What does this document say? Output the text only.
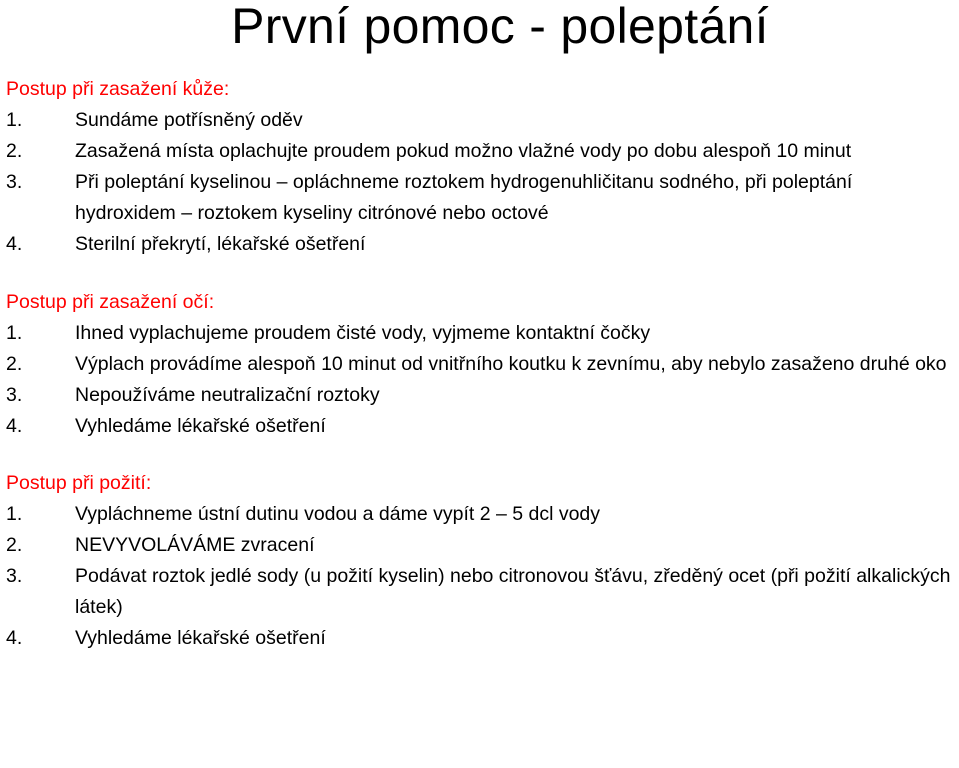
První pomoc - poleptání
Postup při zasažení kůže:
1.	Sundáme potřísněný oděv
2.	Zasažená místa oplachujte proudem pokud možno vlažné vody po dobu alespoň 10 minut
3.	Při poleptání kyselinou – opláchneme roztokem hydrogenuhličitanu sodného, při poleptání hydroxidem – roztokem kyseliny citrónové nebo octové
4.	Sterilní překrytí, lékařské ošetření
Postup při zasažení očí:
1.	Ihned vyplachujeme proudem čisté vody, vyjmeme kontaktní čočky
2.	Výplach provádíme alespoň 10 minut od vnitřního koutku k zevnímu, aby nebylo zasaženo druhé oko
3.	Nepoužíváme neutralizační roztoky
4.	Vyhledáme lékařské ošetření
Postup při požití:
1.	Vypláchneme ústní dutinu vodou a dáme vypít 2 – 5 dcl vody
2.	NEVYVOLÁVÁME zvracení
3.	Podávat roztok jedlé sody (u požití kyselin) nebo citronovou šťávu, zředěný ocet (při požití alkalických látek)
4.	Vyhledáme lékařské ošetření
